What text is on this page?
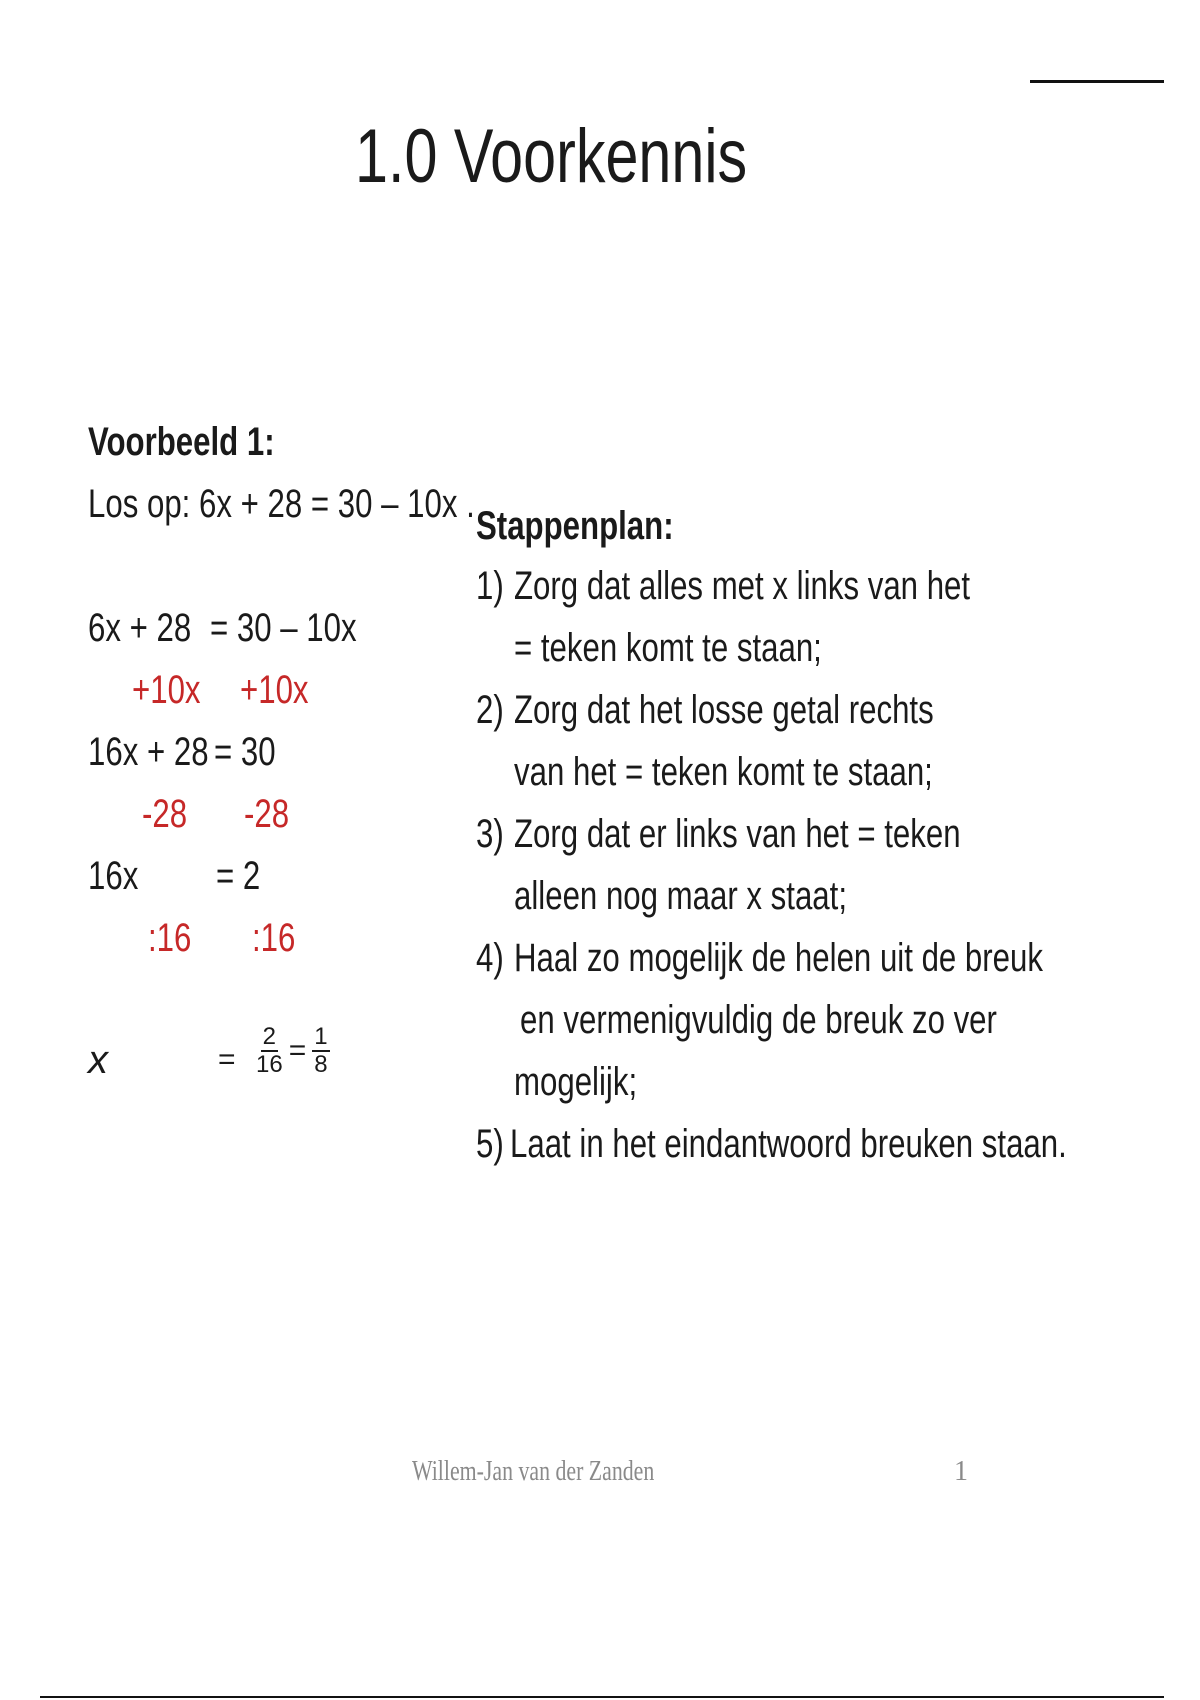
1.0 Voorkennis
Voorbeeld 1:
Los op: 6x + 28 = 30 – 10x .
6x + 28 = 30 – 10x
+10x +10x
16x + 28 = 30
-28	-28
16x	= 2
:16	:16
x	= $\frac{2}{16} = \frac{1}{8}$
Stappenplan:
1) Zorg dat alles met x links van het
= teken komt te staan;
2) Zorg dat het losse getal rechts
van het = teken komt te staan;
3) Zorg dat er links van het = teken
alleen nog maar x staat;
4) Haal zo mogelijk de helen uit de breuk
en vermenigvuldig de breuk zo ver
mogelijk;
5) Laat in het eindantwoord breuken staan.
Willem-Jan van der Zanden	1
